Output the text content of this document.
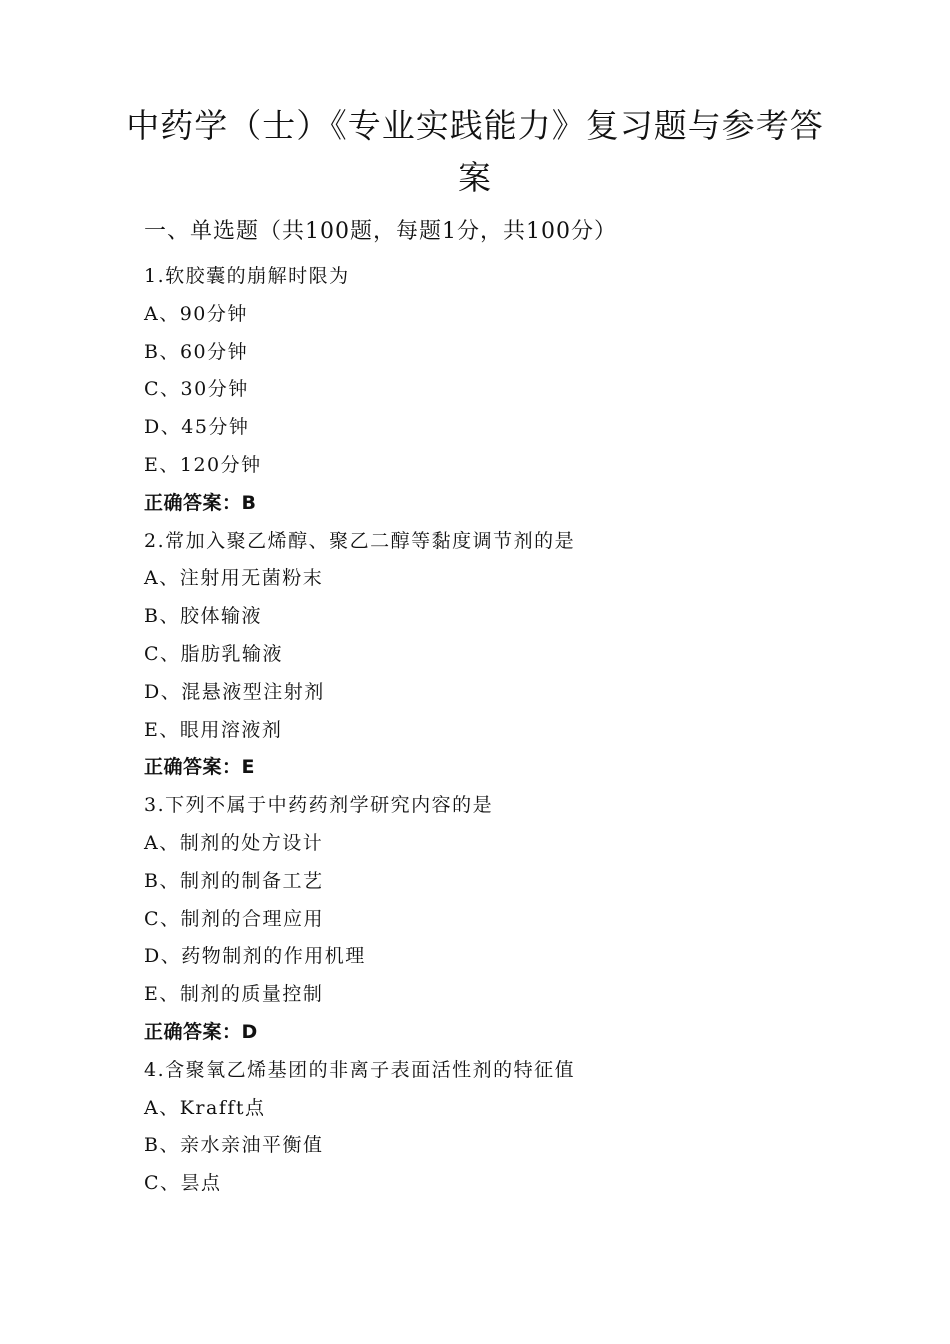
中药学（士）《专业实践能力》复习题与参考答
案
一、单选题（共100题，每题1分，共100分）
1.软胶囊的崩解时限为
A、90分钟
B、60分钟
C、30分钟
D、45分钟
E、120分钟
正确答案：B
2.常加入聚乙烯醇、聚乙二醇等黏度调节剂的是
A、注射用无菌粉末
B、胶体输液
C、脂肪乳输液
D、混悬液型注射剂
E、眼用溶液剂
正确答案：E
3.下列不属于中药药剂学研究内容的是
A、制剂的处方设计
B、制剂的制备工艺
C、制剂的合理应用
D、药物制剂的作用机理
E、制剂的质量控制
正确答案：D
4.含聚氧乙烯基团的非离子表面活性剂的特征值
A、Krafft点
B、亲水亲油平衡值
C、昙点
